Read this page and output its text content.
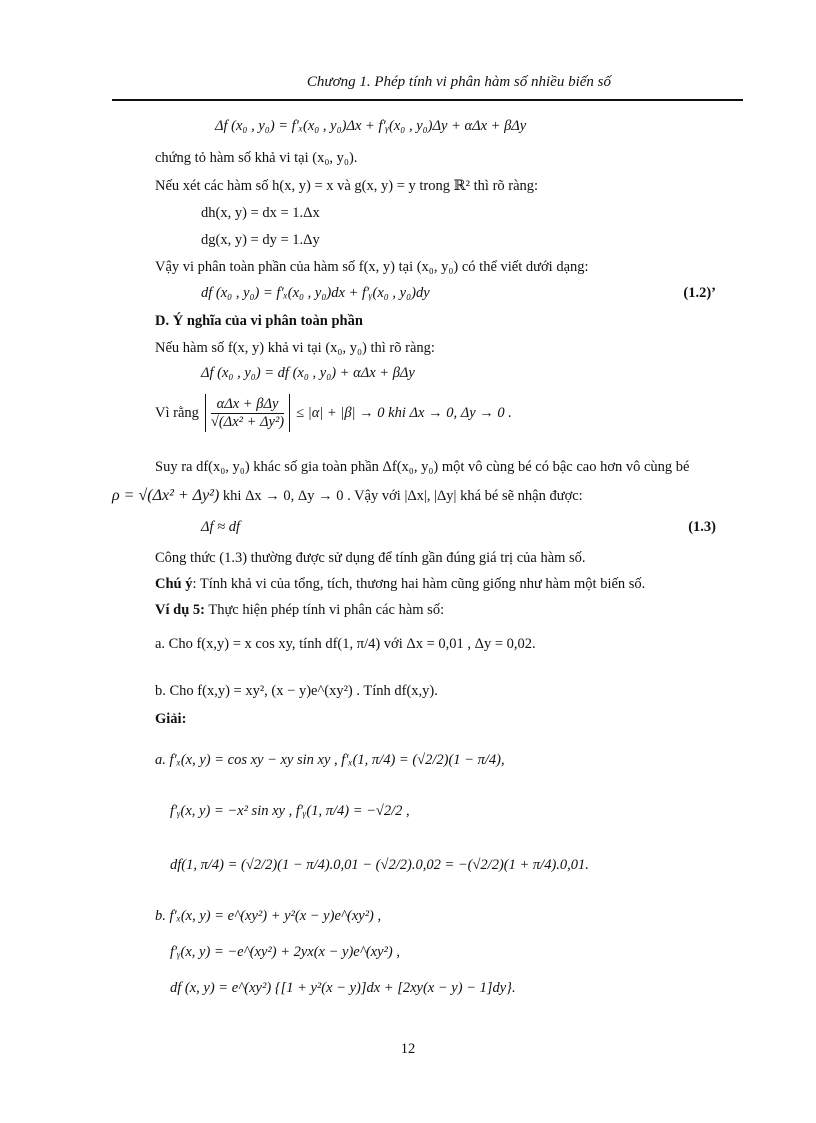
Chương 1. Phép tính vi phân hàm số nhiều biến số
Δf (x₀ , y₀) = f′ₓ(x₀ , y₀)Δx + f′ᵧ(x₀ , y₀)Δy + αΔx + βΔy
chứng tỏ hàm số khả vi tại (x₀, y₀).
Nếu xét các hàm số h(x, y) = x và g(x, y) = y trong ℝ² thì rõ ràng:
dh(x, y) = dx = 1.Δx
dg(x, y) = dy = 1.Δy
Vậy vi phân toàn phần của hàm số f(x, y) tại (x₀, y₀) có thể viết dưới dạng:
df (x₀ , y₀) = f′ₓ(x₀ , y₀)dx + f′ᵧ(x₀ , y₀)dy	(1.2)’
D. Ý nghĩa của vi phân toàn phần
Nếu hàm số f(x, y) khả vi tại (x₀, y₀) thì rõ ràng:
Δf (x₀ , y₀) = df (x₀ , y₀) + αΔx + βΔy
Vì rằng $\frac{\text{αΔx + βΔy}}{\text{√(Δx² + Δy²)}} \le |\alpha| + |\beta| \to 0$ khi Δx → 0, Δy → 0 .
Suy ra df(x₀, y₀) khác số gia toàn phần Δf(x₀, y₀) một vô cùng bé có bậc cao hơn vô cùng bé
ρ = √(Δx² + Δy²) khi Δx → 0, Δy → 0 . Vậy với |Δx|, |Δy| khá bé sẽ nhận được:
Δf ≈ df	(1.3)
Công thức (1.3) thường được sử dụng để tính gần đúng giá trị của hàm số.
Chú ý: Tính khả vi của tổng, tích, thương hai hàm cũng giống như hàm một biến số.
Ví dụ 5: Thực hiện phép tính vi phân các hàm số:
a. Cho f(x,y) = x cos xy, tính df(1, π/4) với Δx = 0,01 , Δy = 0,02.
b. Cho f(x,y) = xy², (x − y)e^(xy²) . Tính df(x,y).
Giải:
a. f′ₓ(x, y) = cos xy − xy sin xy , f′ₓ(1, π/4) = (√2/2)(1 − π/4),
f′ᵧ(x, y) = −x² sin xy , f′ᵧ(1, π/4) = −√2/2 ,
df(1, π/4) = (√2/2)(1 − π/4).0,01 − (√2/2).0,02 = −(√2/2)(1 + π/4).0,01.
b. f′ₓ(x, y) = e^(xy²) + y²(x − y)e^(xy²) ,
f′ᵧ(x, y) = −e^(xy²) + 2yx(x − y)e^(xy²) ,
df (x, y) = e^(xy²) {[1 + y²(x − y)]dx + [2xy(x − y) − 1]dy}.
12
